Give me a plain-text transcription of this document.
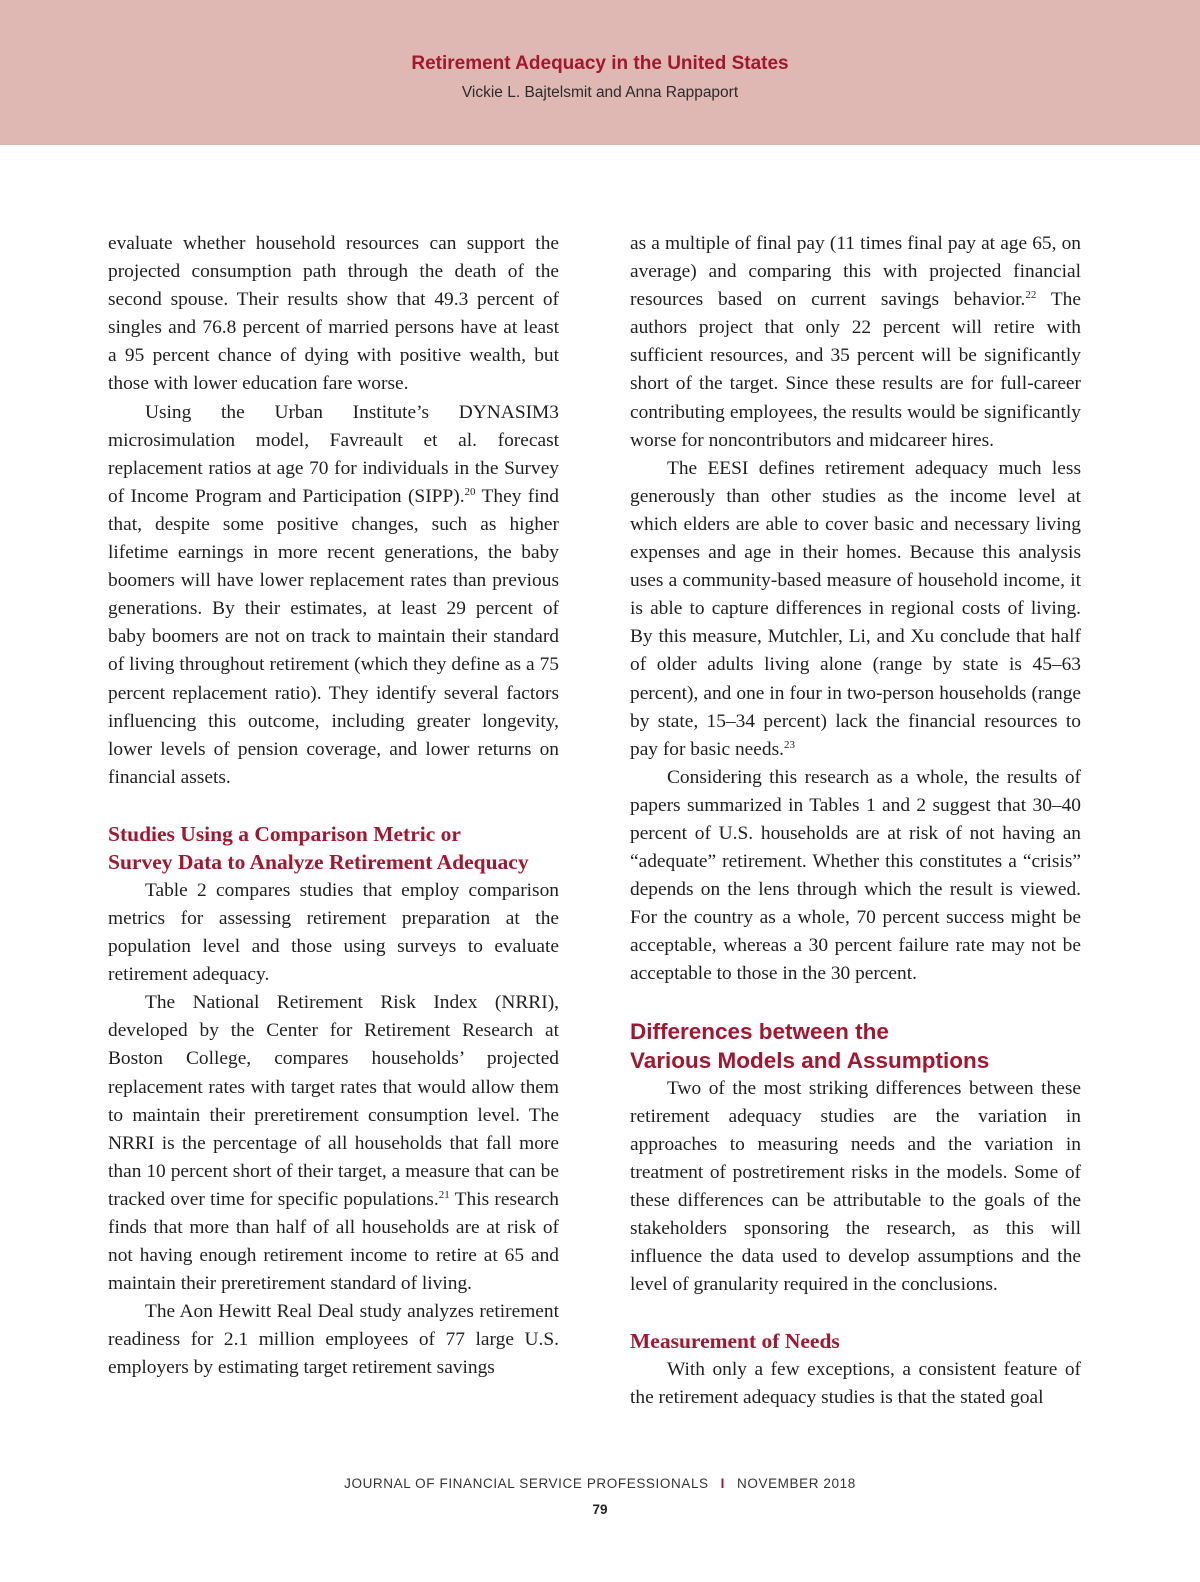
Retirement Adequacy in the United States
Vickie L. Bajtelsmit and Anna Rappaport

evaluate whether household resources can support the projected consumption path through the death of the second spouse. Their results show that 49.3 percent of singles and 76.8 percent of married persons have at least a 95 percent chance of dying with positive wealth, but those with lower education fare worse.

Using the Urban Institute’s DYNASIM3 microsimulation model, Favreault et al. forecast replacement ratios at age 70 for individuals in the Survey of Income Program and Participation (SIPP).$^{20}$ They find that, despite some positive changes, such as higher lifetime earnings in more recent generations, the baby boomers will have lower replacement rates than previous generations. By their estimates, at least 29 percent of baby boomers are not on track to maintain their standard of living throughout retirement (which they define as a 75 percent replacement ratio). They identify several factors influencing this outcome, including greater longevity, lower levels of pension coverage, and lower returns on financial assets.

Studies Using a Comparison Metric or
Survey Data to Analyze Retirement Adequacy

Table 2 compares studies that employ comparison metrics for assessing retirement preparation at the population level and those using surveys to evaluate retirement adequacy.

The National Retirement Risk Index (NRRI), developed by the Center for Retirement Research at Boston College, compares households’ projected replacement rates with target rates that would allow them to maintain their preretirement consumption level. The NRRI is the percentage of all households that fall more than 10 percent short of their target, a measure that can be tracked over time for specific populations.$^{21}$ This research finds that more than half of all households are at risk of not having enough retirement income to retire at 65 and maintain their preretirement standard of living.

The Aon Hewitt Real Deal study analyzes retirement readiness for 2.1 million employees of 77 large U.S. employers by estimating target retirement savings

as a multiple of final pay (11 times final pay at age 65, on average) and comparing this with projected financial resources based on current savings behavior.$^{22}$ The authors project that only 22 percent will retire with sufficient resources, and 35 percent will be significantly short of the target. Since these results are for full-career contributing employees, the results would be significantly worse for noncontributors and midcareer hires.

The EESI defines retirement adequacy much less generously than other studies as the income level at which elders are able to cover basic and necessary living expenses and age in their homes. Because this analysis uses a community-based measure of household income, it is able to capture differences in regional costs of living. By this measure, Mutchler, Li, and Xu conclude that half of older adults living alone (range by state is 45–63 percent), and one in four in two-person households (range by state, 15–34 percent) lack the financial resources to pay for basic needs.$^{23}$

Considering this research as a whole, the results of papers summarized in Tables 1 and 2 suggest that 30–40 percent of U.S. households are at risk of not having an “adequate” retirement. Whether this constitutes a “crisis” depends on the lens through which the result is viewed. For the country as a whole, 70 percent success might be acceptable, whereas a 30 percent failure rate may not be acceptable to those in the 30 percent.

Differences between the
Various Models and Assumptions

Two of the most striking differences between these retirement adequacy studies are the variation in approaches to measuring needs and the variation in treatment of postretirement risks in the models. Some of these differences can be attributable to the goals of the stakeholders sponsoring the research, as this will influence the data used to develop assumptions and the level of granularity required in the conclusions.

Measurement of Needs

With only a few exceptions, a consistent feature of the retirement adequacy studies is that the stated goal

JOURNAL OF FINANCIAL SERVICE PROFESSIONALS I NOVEMBER 2018
79
